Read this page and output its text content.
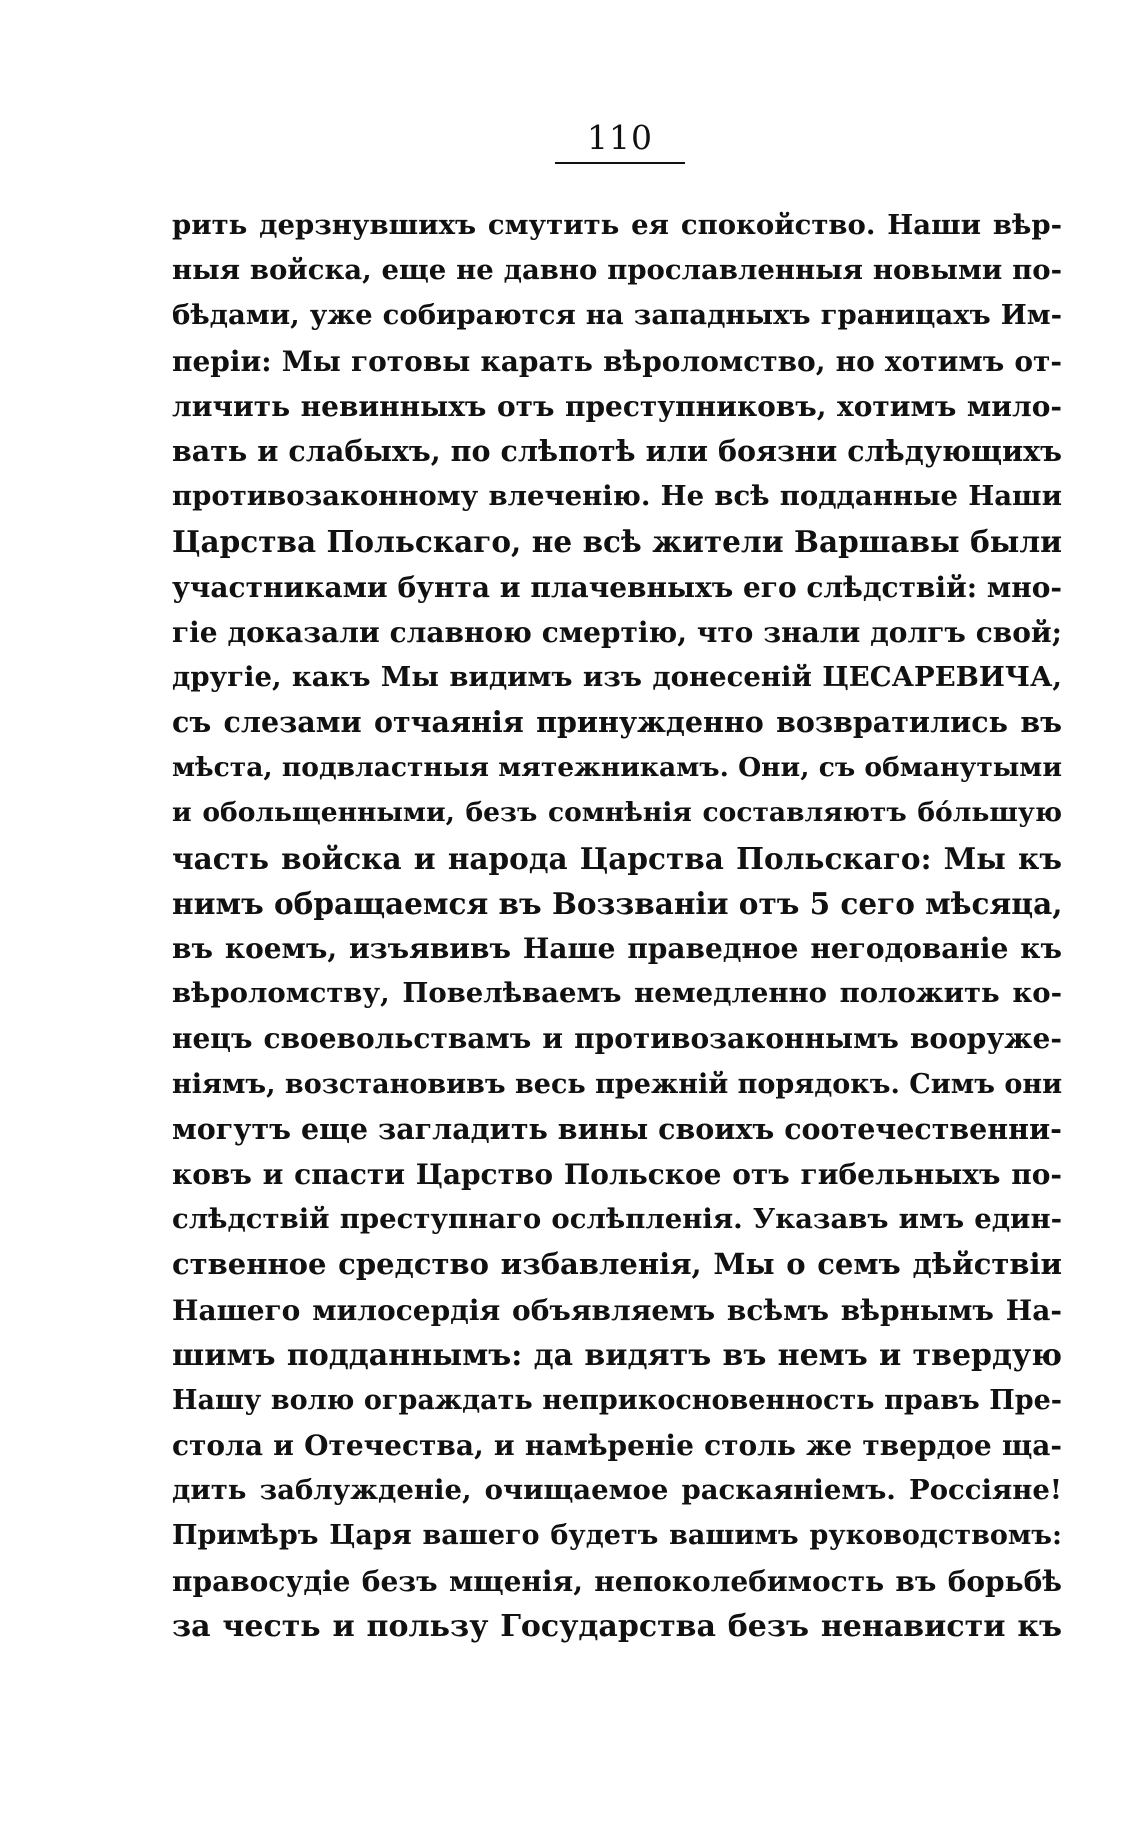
110
рить дерзнувшихъ смутить ея спокойство. Наши вѣр-
ныя войска, еще не давно прославленныя новыми по-
бѣдами, уже собираются на западныхъ границахъ Им-
періи: Мы готовы карать вѣроломство, но хотимъ от-
личить невинныхъ отъ преступниковъ, хотимъ мило-
вать и слабыхъ, по слѣпотѣ или боязни слѣдующихъ
противозаконному влеченію. Не всѣ подданные Наши
Царства Польскаго, не всѣ жители Варшавы были
участниками бунта и плачевныхъ его слѣдствій: мно-
гіе доказали славною смертію, что знали долгъ свой;
другіе, какъ Мы видимъ изъ донесеній ЦЕСАРЕВИЧА,
съ слезами отчаянія принужденно возвратились въ
мѣста, подвластныя мятежникамъ. Они, съ обманутыми
и обольщенными, безъ сомнѣнія составляютъ бо́льшую
часть войска и народа Царства Польскаго: Мы къ
нимъ обращаемся въ Воззваніи отъ 5 сего мѣсяца,
въ коемъ, изъявивъ Наше праведное негодованіе къ
вѣроломству, Повелѣваемъ немедленно положить ко-
нецъ своевольствамъ и противозаконнымъ вооруже-
ніямъ, возстановивъ весь прежній порядокъ. Симъ они
могутъ еще загладить вины своихъ соотечественни-
ковъ и спасти Царство Польское отъ гибельныхъ по-
слѣдствій преступнаго ослѣпленія. Указавъ имъ един-
ственное средство избавленія, Мы о семъ дѣйствіи
Нашего милосердія объявляемъ всѣмъ вѣрнымъ На-
шимъ подданнымъ: да видятъ въ немъ и твердую
Нашу волю ограждать неприкосновенность правъ Пре-
стола и Отечества, и намѣреніе столь же твердое ща-
дить заблужденіе, очищаемое раскаяніемъ. Россіяне!
Примѣръ Царя вашего будетъ вашимъ руководствомъ:
правосудіе безъ мщенія, непоколебимость въ борьбѣ
за честь и пользу Государства безъ ненависти къ
